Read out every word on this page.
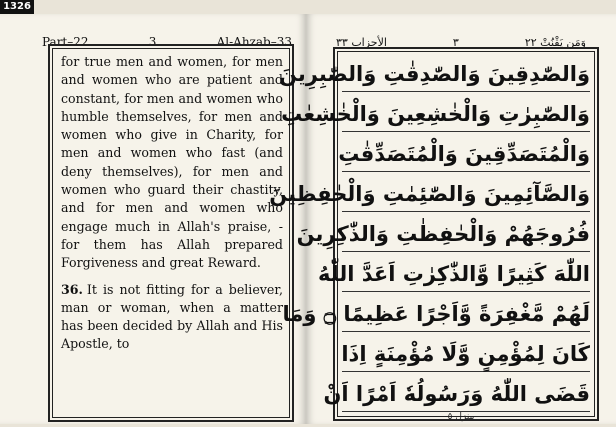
1326
Part–22	3	Al-Ahzab–33

for true men and women, for men and women who are patient and constant, for men and women who humble themselves, for men and women who give in Charity, for men and women who fast (and deny themselves), for men and women who guard their chastity, and for men and women who engage much in Allah's praise, - for them has Allah prepared Forgiveness and great Reward.

36. It is not fitting for a believer, man or woman, when a matter has been decided by Allah and His Apostle, to

الأحزاب ٣٣	٣	وَمَن يَقْنُتْ ٢٢
وَالصّٰدِقِينَ وَالصّٰدِقٰتِ وَالصّٰبِرِينَ
وَالصّٰبِرٰتِ وَالْخٰشِعِينَ وَالْخٰشِعٰتِ
وَالْمُتَصَدِّقِينَ وَالْمُتَصَدِّقٰتِ
وَالصَّآئِمِينَ وَالصّٰئِمٰتِ وَالْحٰفِظِينَ
فُرُوجَهُمْ وَالْحٰفِظٰتِ وَالذّٰكِرِينَ
اللّٰهَ كَثِيرًا وَّالذّٰكِرٰتِ اَعَدَّ اللّٰهُ
لَهُمْ مَّغْفِرَةً وَّاَجْرًا عَظِيمًا ۝ وَمَا
كَانَ لِمُؤْمِنٍ وَّلَا مُؤْمِنَةٍ اِذَا
قَضَى اللّٰهُ وَرَسُولُهٗ اَمْرًا اَنْ
منزل ٥
